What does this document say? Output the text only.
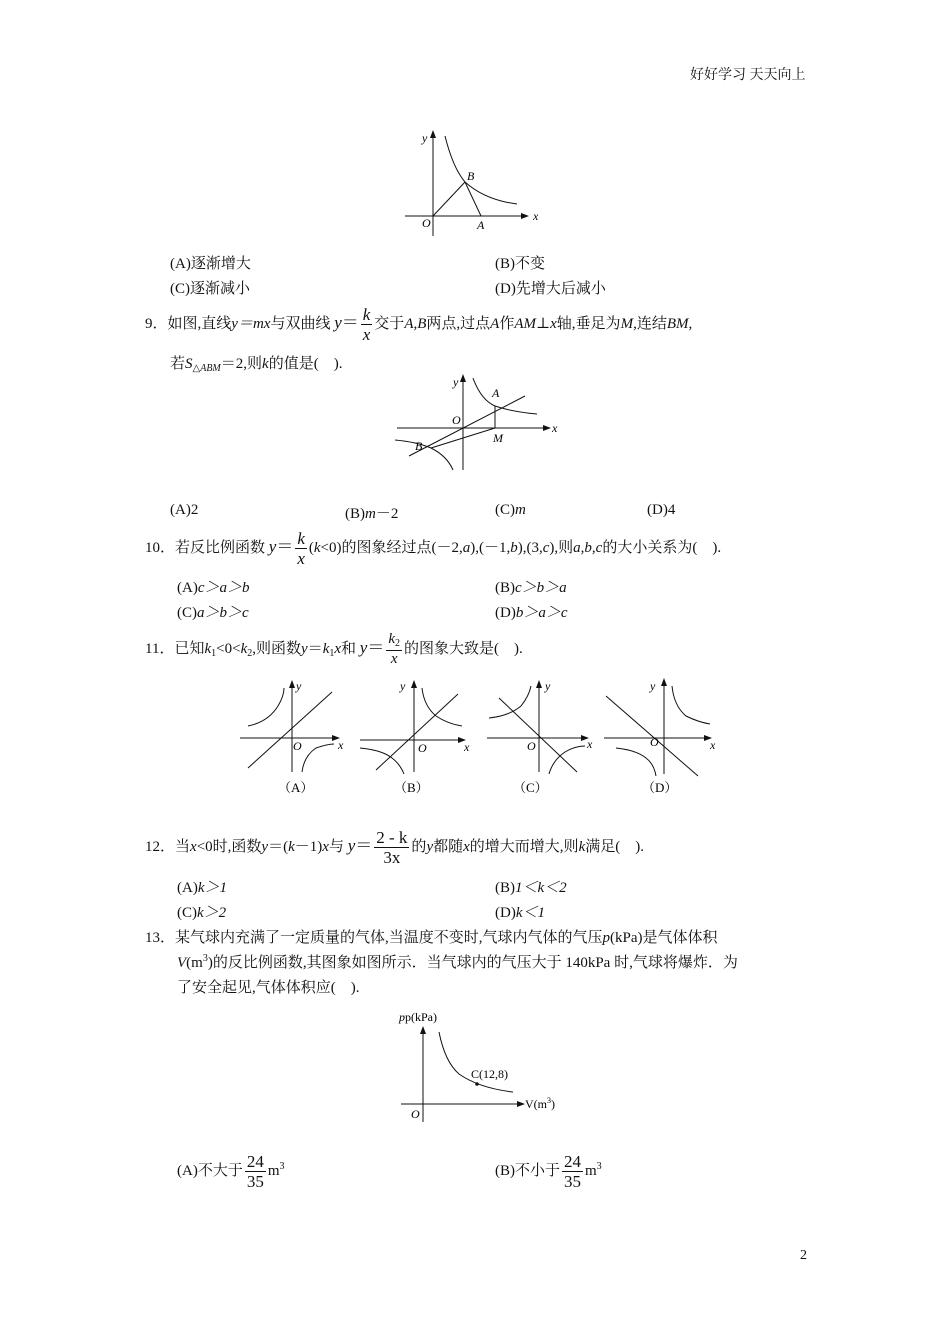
好好学习 天天向上
x
y
O
B
A
(A)逐渐增大	(B)不变
(C)逐渐减小	(D)先增大后减小
9．如图,直线y＝mx与双曲线 $y= \frac{k}{x}$ 交于A,B两点,过点A作AM⊥x轴,垂足为M,连结BM,
若$S_{\triangle ABM}=2$,则k的值是(　).
x
y
O
A
M
B
(A)2	(B)m－2	(C)m	(D)4
10．若反比例函数 $y= \frac{k}{x} (k<0)$的图象经过点(－2,a),(－1,b),(3,c),则a,b,c的大小关系为(　).
(A)c＞a＞b	(B)c＞b＞a
(C)a＞b＞c	(D)b＞a＞c
11．已知$k_1<0<k_2$,则函数$y=k_1x$和 $y= \frac{k_2}{x}$ 的图象大致是(　).
x
y
O
（A）
x
y
O
（B）
x
y
O
（C）
x
y
O
（D）
12．当x<0时,函数y＝(k－1)x与 $y= \frac{2 - k}{3x}$ 的y都随x的增大而增大,则k满足(　).
(A)k＞1	(B)1＜k＜2
(C)k＞2	(D)k＜1
13．某气球内充满了一定质量的气体,当温度不变时,气球内气体的气压p(kPa)是气体体积
$V(m^3)$的反比例函数,其图象如图所示．当气球内的气压大于 140kPa 时,气球将爆炸．为
了安全起见,气体体积应(　).
pp(kPa)
$V(m^3)$
O
C(12,8)
(A)不大于 $\frac{24}{35} m^3$	(B)不小于 $\frac{24}{35} m^3$
2
